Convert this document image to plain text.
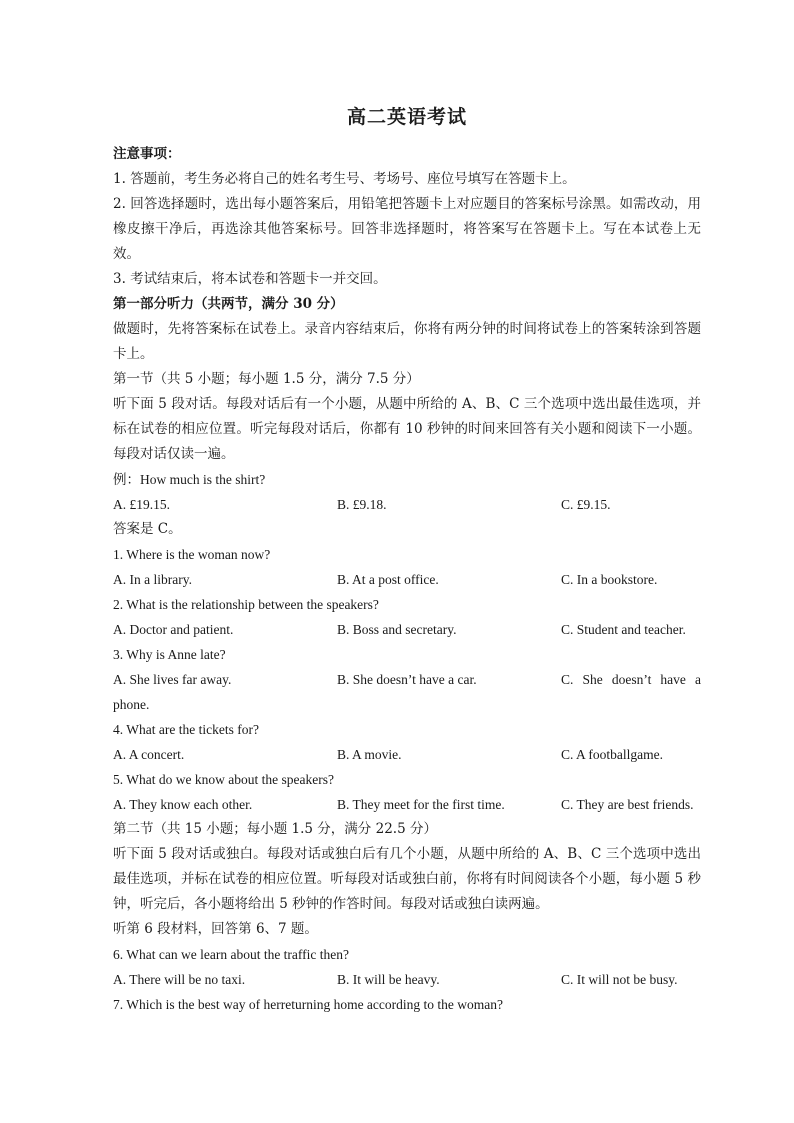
高二英语考试
注意事项：
1. 答题前，考生务必将自己的姓名考生号、考场号、座位号填写在答题卡上。

2. 回答选择题时，选出每小题答案后，用铅笔把答题卡上对应题目的答案标号涂黑。如需改动，用橡皮擦干净后，再选涂其他答案标号。回答非选择题时，将答案写在答题卡上。写在本试卷上无效。

3. 考试结束后，将本试卷和答题卡一并交回。
第一部分听力（共两节，满分 30 分）

做题时，先将答案标在试卷上。录音内容结束后，你将有两分钟的时间将试卷上的答案转涂到答题卡上。

第一节（共 5 小题；每小题 1.5 分，满分 7.5 分）

听下面 5 段对话。每段对话后有一个小题，从题中所给的 A、B、C 三个选项中选出最佳选项，并标在试卷的相应位置。听完每段对话后，你都有 10 秒钟的时间来回答有关小题和阅读下一小题。每段对话仅读一遍。

例：How much is the shirt?
A. £19.15.	B. £9.18.	C. £9.15.
答案是 C。
1. Where is the woman now?
A. In a library.	B. At a post office.	C. In a bookstore.
2. What is the relationship between the speakers?
A. Doctor and patient.	B. Boss and secretary.	C. Student and teacher.
3. Why is Anne late?
A. She lives far away.	B. She doesn’t have a car.	C. She doesn’t have a
phone.
4. What are the tickets for?
A. A concert.	B. A movie.	C. A footballgame.
5. What do we know about the speakers?
A. They know each other.	B. They meet for the first time.	C. They are best friends.
第二节（共 15 小题；每小题 1.5 分，满分 22.5 分）

听下面 5 段对话或独白。每段对话或独白后有几个小题，从题中所给的 A、B、C 三个选项中选出最佳选项，并标在试卷的相应位置。听每段对话或独白前，你将有时间阅读各个小题，每小题 5 秒钟，听完后，各小题将给出 5 秒钟的作答时间。每段对话或独白读两遍。

听第 6 段材料，回答第 6、7 题。
6. What can we learn about the traffic then?
A. There will be no taxi.	B. It will be heavy.	C. It will not be busy.
7. Which is the best way of herreturning home according to the woman?
